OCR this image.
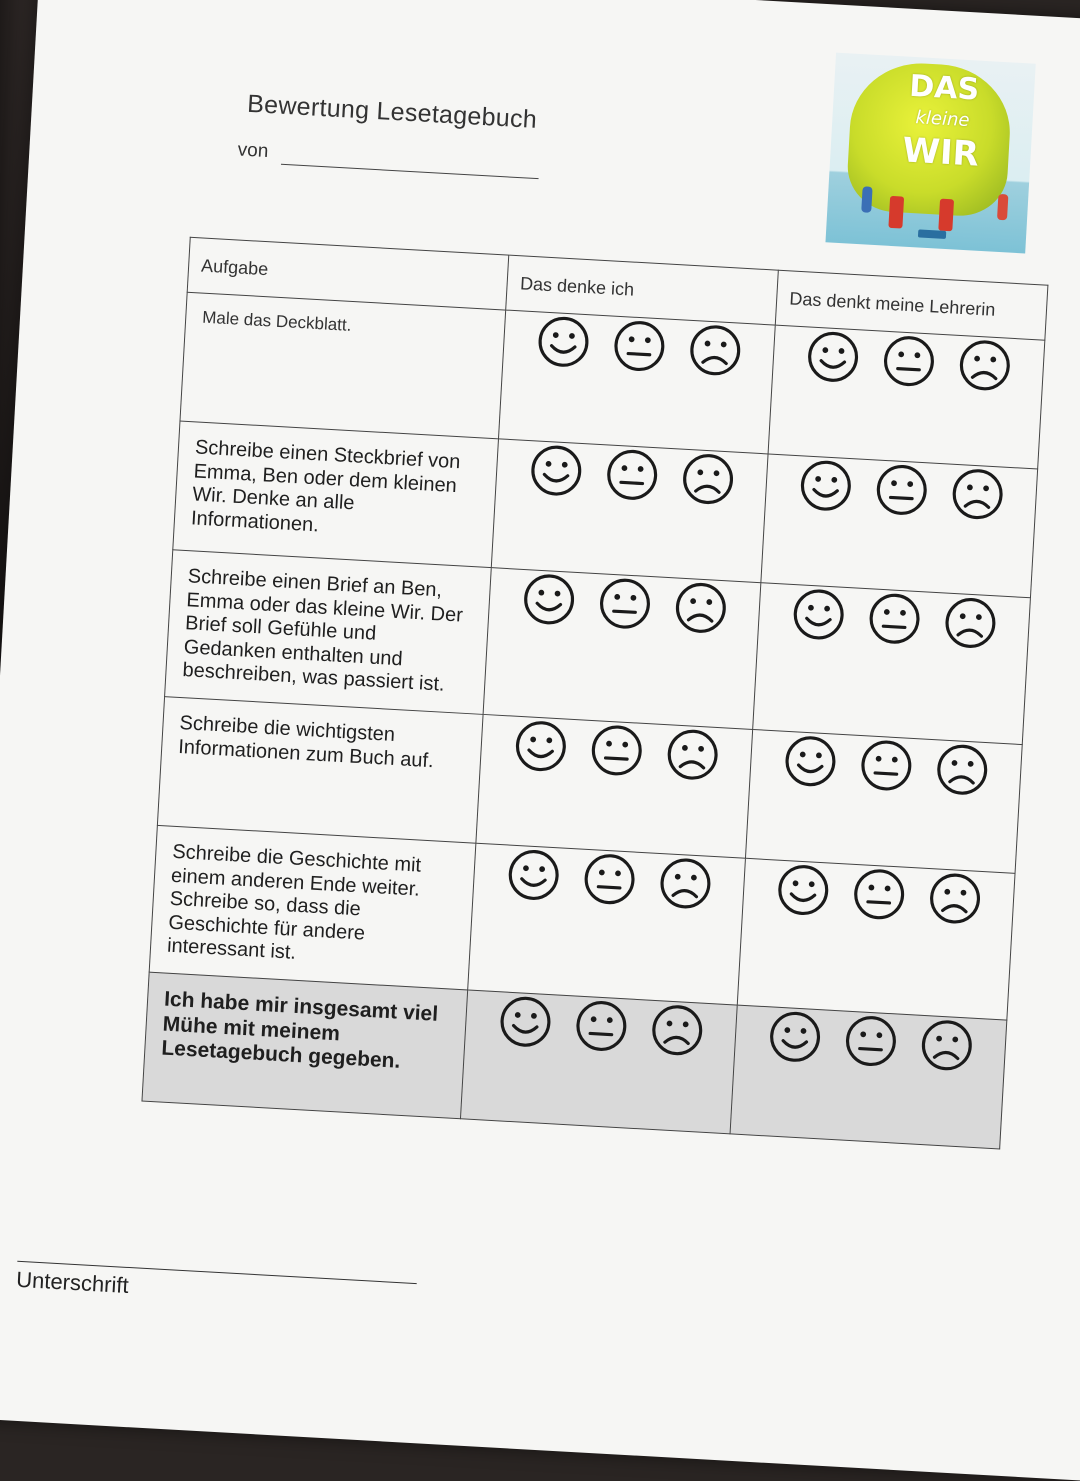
Bewertung Lesetagebuch
von
DAS
kleine
WIR
Aufgabe	Das denke ich	Das denkt meine Lehrerin
Male das Deckblatt.	

Schreibe einen Steckbrief von Emma, Ben oder dem kleinen Wir. Denke an alle Informationen.	

Schreibe einen Brief an Ben, Emma oder das kleine Wir. Der Brief soll Gefühle und Gedanken enthalten und beschreiben, was passiert ist.	

Schreibe die wichtigsten Informationen zum Buch auf.	

Schreibe die Geschichte mit einem anderen Ende weiter. Schreibe so, dass die Geschichte für andere interessant ist.	

Ich habe mir insgesamt viel Mühe mit meinem Lesetagebuch gegeben.	

Unterschrift
